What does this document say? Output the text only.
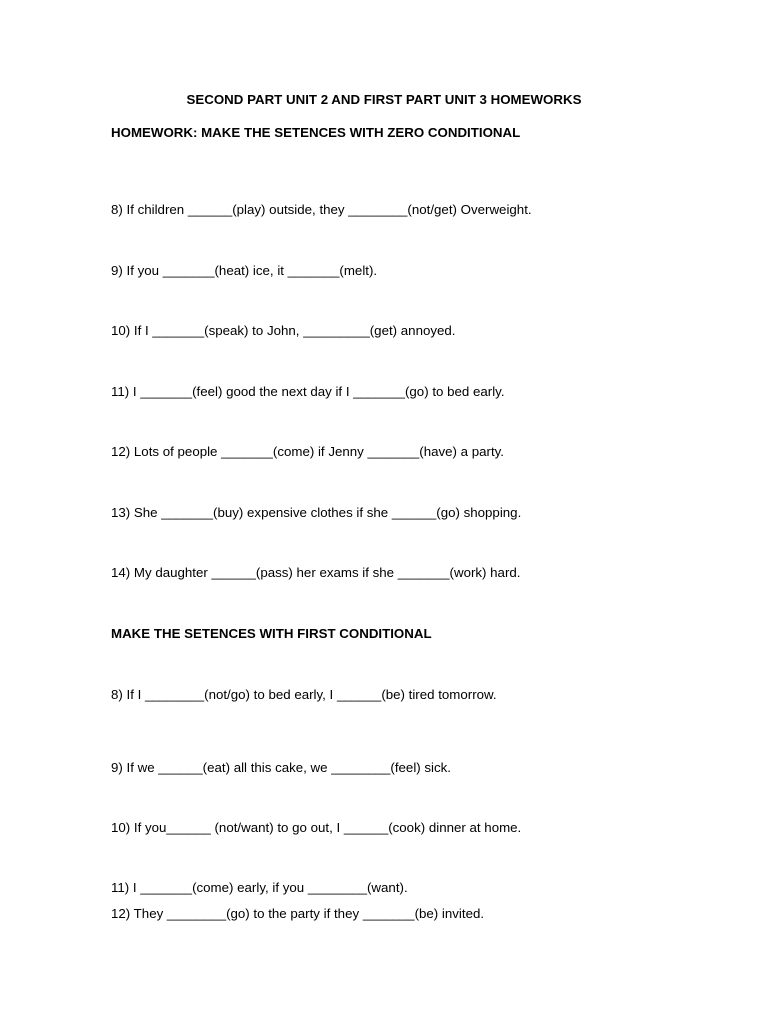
SECOND PART UNIT 2 AND FIRST PART UNIT 3 HOMEWORKS

HOMEWORK: MAKE THE SETENCES WITH ZERO CONDITIONAL

8) If children ______(play) outside, they ________(not/get) Overweight.

9) If you _______(heat) ice, it _______(melt).

10) If I _______(speak) to John, _________(get) annoyed.

11) I _______(feel) good the next day if I _______(go) to bed early.

12) Lots of people _______(come) if Jenny _______(have) a party.

13) She _______(buy) expensive clothes if she ______(go) shopping.

14) My daughter ______(pass) her exams if she _______(work) hard.

MAKE THE SETENCES WITH FIRST CONDITIONAL

8) If I ________(not/go) to bed early, I ______(be) tired tomorrow.

9) If we ______(eat) all this cake, we ________(feel) sick.

10) If you______ (not/want) to go out, I ______(cook) dinner at home.

11) I _______(come) early, if you ________(want).

12) They ________(go) to the party if they _______(be) invited.
